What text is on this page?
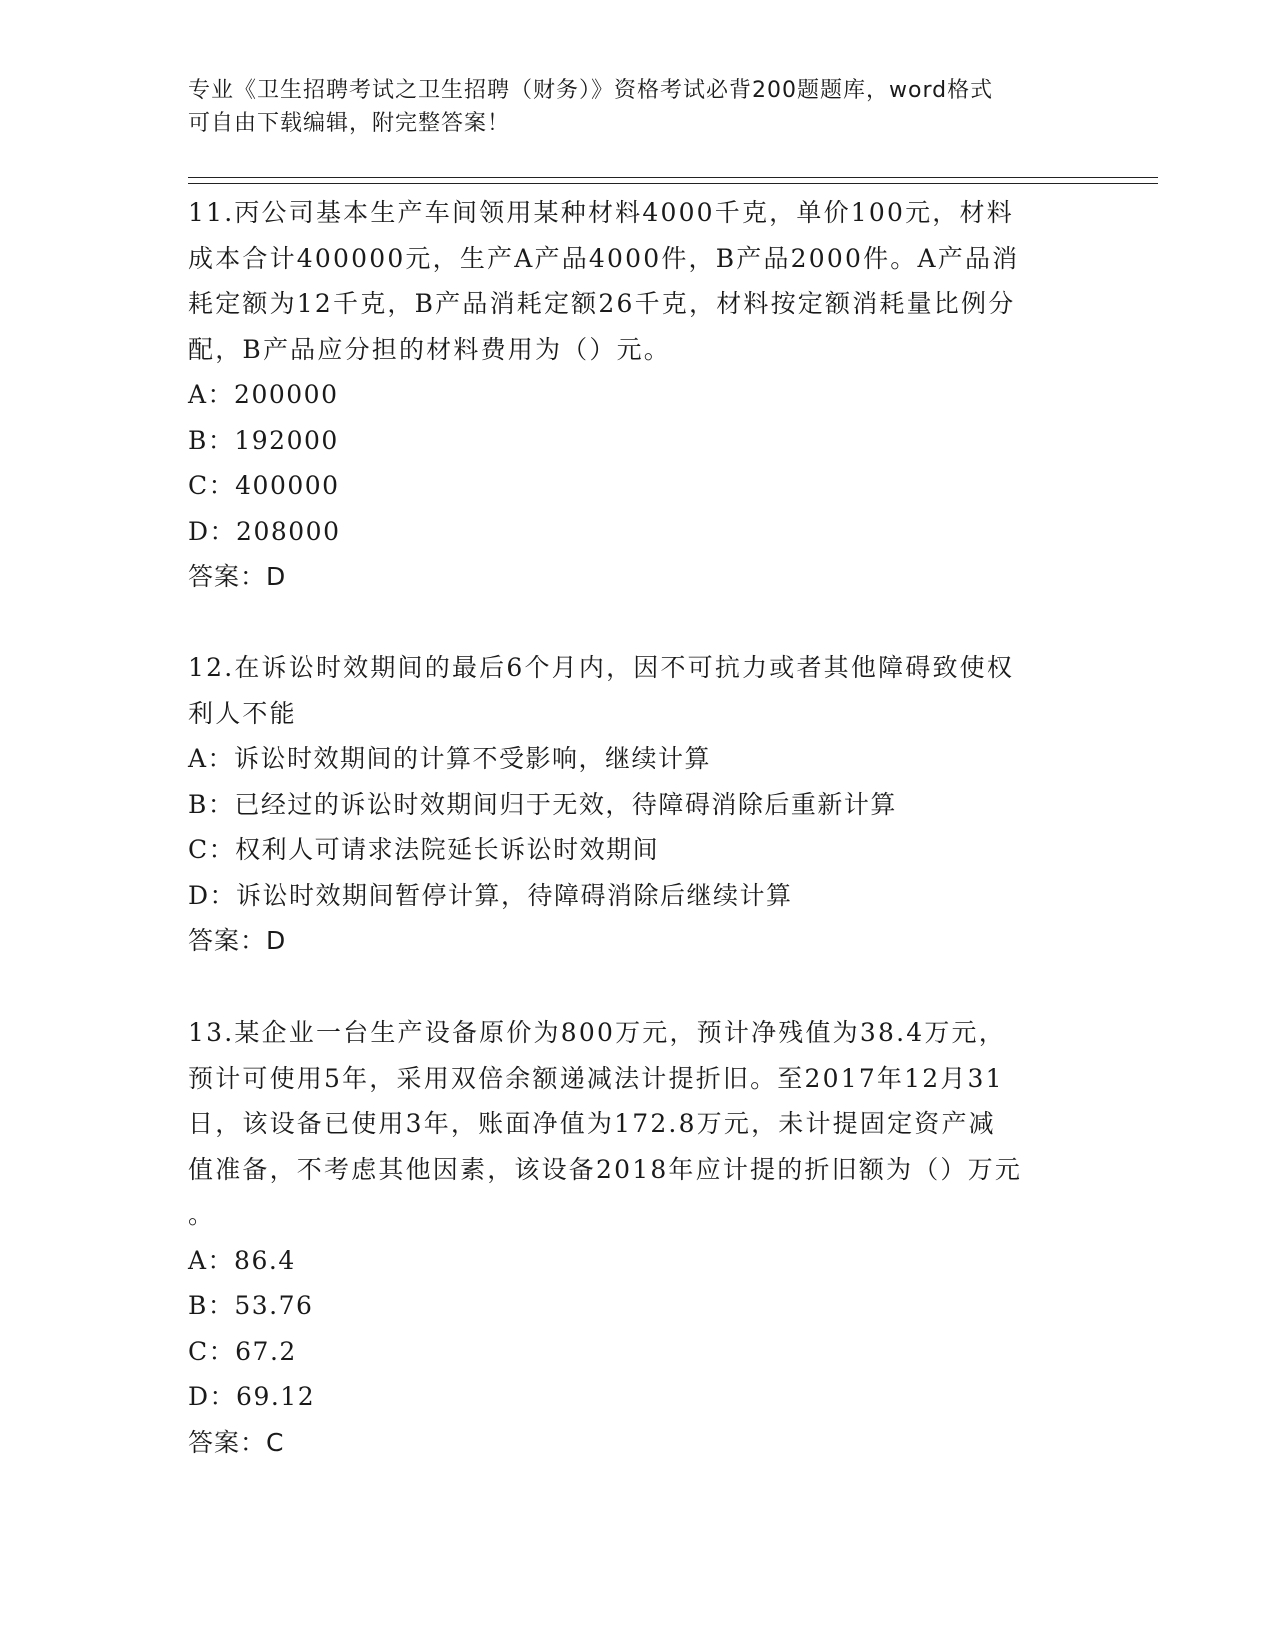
专业《卫生招聘考试之卫生招聘（财务）》资格考试必背200题题库，word格式
可自由下载编辑，附完整答案！

11.丙公司基本生产车间领用某种材料4000千克，单价100元，材料

成本合计400000元，生产A产品4000件，B产品2000件。A产品消

耗定额为12千克，B产品消耗定额26千克，材料按定额消耗量比例分

配，B产品应分担的材料费用为（）元。

A：200000

B：192000

C：400000

D：208000

答案：D

12.在诉讼时效期间的最后6个月内，因不可抗力或者其他障碍致使权

利人不能

A：诉讼时效期间的计算不受影响，继续计算

B：已经过的诉讼时效期间归于无效，待障碍消除后重新计算

C：权利人可请求法院延长诉讼时效期间

D：诉讼时效期间暂停计算，待障碍消除后继续计算

答案：D

13.某企业一台生产设备原价为800万元，预计净残值为38.4万元，

预计可使用5年，采用双倍余额递减法计提折旧。至2017年12月31

日，该设备已使用3年，账面净值为172.8万元，未计提固定资产减

值准备，不考虑其他因素，该设备2018年应计提的折旧额为（）万元

。

A：86.4

B：53.76

C：67.2

D：69.12

答案：C
